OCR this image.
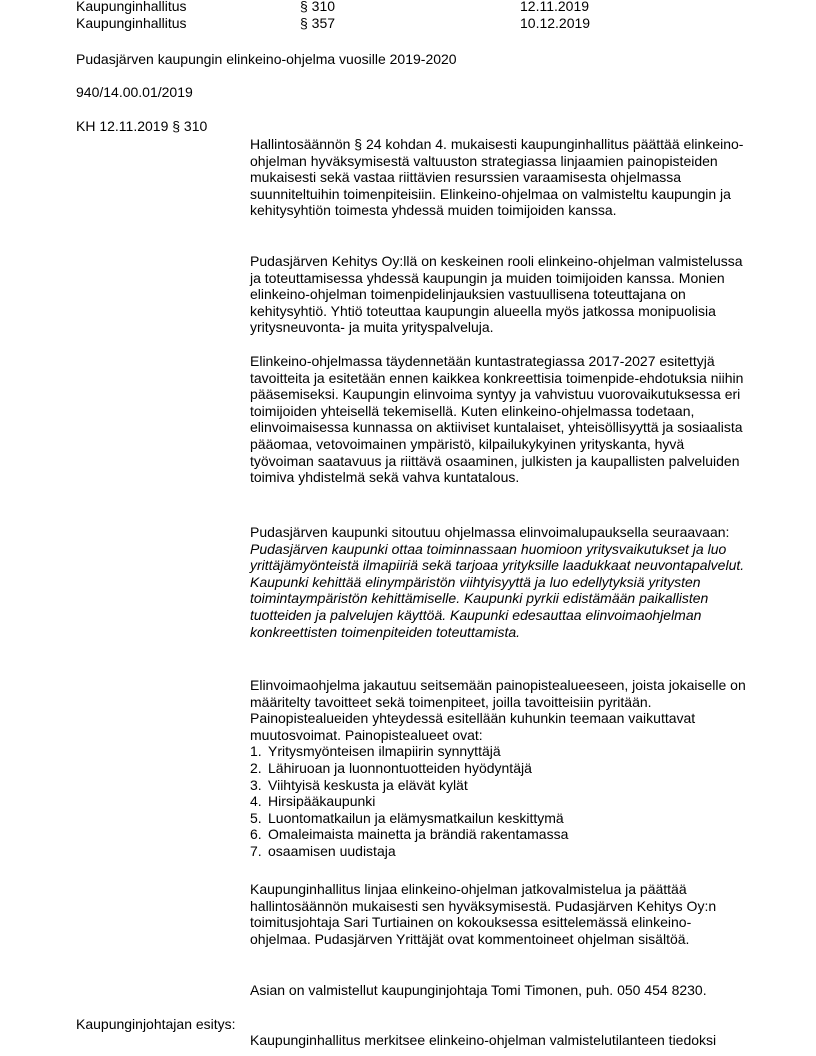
Kaupunginhallitus	§ 310	12.11.2019
Kaupunginhallitus	§ 357	10.12.2019
Pudasjärven kaupungin elinkeino-ohjelma vuosille 2019-2020
940/14.00.01/2019
KH 12.11.2019 § 310

Hallintosäännön § 24 kohdan 4. mukaisesti kaupunginhallitus päättää elinkeino-ohjelman hyväksymisestä valtuuston strategiassa linjaamien painopisteiden mukaisesti sekä vastaa riittävien resurssien varaamisesta ohjelmassa suunniteltuihin toimenpiteisiin. Elinkeino-ohjelmaa on valmisteltu kaupungin ja kehitysyhtiön toimesta yhdessä muiden toimijoiden kanssa.

Pudasjärven Kehitys Oy:llä on keskeinen rooli elinkeino-ohjelman valmistelussa ja toteuttamisessa yhdessä kaupungin ja muiden toimijoiden kanssa. Monien elinkeino-ohjelman toimenpidelinjauksien vastuullisena toteuttajana on kehitysyhtiö. Yhtiö toteuttaa kaupungin alueella myös jatkossa monipuolisia yritysneuvonta- ja muita yrityspalveluja.

Elinkeino-ohjelmassa täydennetään kuntastrategiassa 2017-2027 esitettyjä tavoitteita ja esitetään ennen kaikkea konkreettisia toimenpide-ehdotuksia niihin pääsemiseksi. Kaupungin elinvoima syntyy ja vahvistuu vuorovaikutuksessa eri toimijoiden yhteisellä tekemisellä. Kuten elinkeino-ohjelmassa todetaan, elinvoimaisessa kunnassa on aktiiviset kuntalaiset, yhteisöllisyyttä ja sosiaalista pääomaa, vetovoimainen ympäristö, kilpailukykyinen yrityskanta, hyvä työvoiman saatavuus ja riittävä osaaminen, julkisten ja kaupallisten palveluiden toimiva yhdistelmä sekä vahva kuntatalous.

Pudasjärven kaupunki sitoutuu ohjelmassa elinvoimalupauksella seuraavaan:

Pudasjärven kaupunki ottaa toiminnassaan huomioon yritysvaikutukset ja luo yrittäjämyönteistä ilmapiiriä sekä tarjoaa yrityksille laadukkaat neuvontapalvelut. Kaupunki kehittää elinympäristön viihtyisyyttä ja luo edellytyksiä yritysten toimintaympäristön kehittämiselle. Kaupunki pyrkii edistämään paikallisten tuotteiden ja palvelujen käyttöä. Kaupunki edesauttaa elinvoimaohjelman konkreettisten toimenpiteiden toteuttamista.

Elinvoimaohjelma jakautuu seitsemään painopistealueeseen, joista jokaiselle on määritelty tavoitteet sekä toimenpiteet, joilla tavoitteisiin pyritään. Painopistealueiden yhteydessä esitellään kuhunkin teemaan vaikuttavat muutosvoimat. Painopistealueet ovat:

1. Yritysmyönteisen ilmapiirin synnyttäjä
2. Lähiruoan ja luonnontuotteiden hyödyntäjä
3. Viihtyisä keskusta ja elävät kylät
4. Hirsipääkaupunki
5. Luontomatkailun ja elämysmatkailun keskittymä
6. Omaleimaista mainetta ja brändiä rakentamassa
7. osaamisen uudistaja

Kaupunginhallitus linjaa elinkeino-ohjelman jatkovalmistelua ja päättää hallintosäännön mukaisesti sen hyväksymisestä. Pudasjärven Kehitys Oy:n toimitusjohtaja Sari Turtiainen on kokouksessa esittelemässä elinkeino-ohjelmaa. Pudasjärven Yrittäjät ovat kommentoineet ohjelman sisältöä.

Asian on valmistellut kaupunginjohtaja Tomi Timonen, puh. 050 454 8230.

Kaupunginjohtajan esitys:

Kaupunginhallitus merkitsee elinkeino-ohjelman valmistelutilanteen tiedoksi
